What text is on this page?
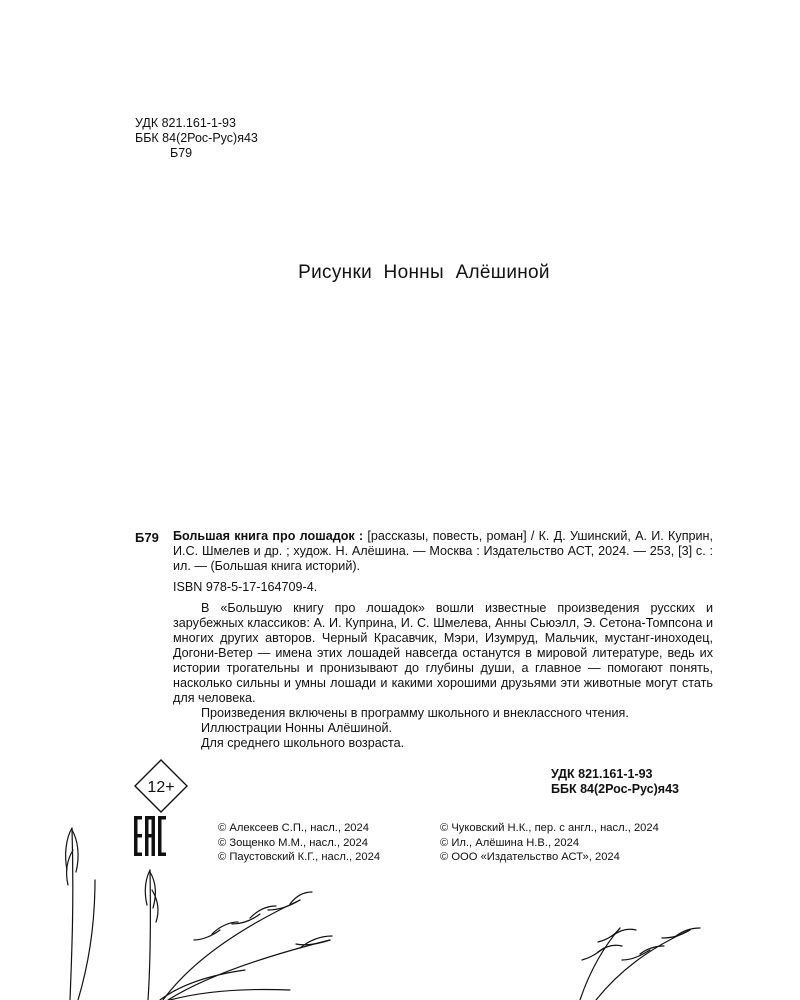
УДК 821.161-1-93
ББК 84(2Рос-Рус)я43
Б79
Рисунки Нонны Алёшиной
Б79 Большая книга про лошадок : [рассказы, повесть, роман] / К. Д. Ушинский, А. И. Куприн, И.С. Шмелев и др. ; худож. Н. Алёшина. — Москва : Издательство АСТ, 2024. — 253, [3] с. : ил. — (Большая книга историй).

ISBN 978-5-17-164709-4.

В «Большую книгу про лошадок» вошли известные произведения русских и зарубежных классиков: А. И. Куприна, И. С. Шмелева, Анны Сьюэлл, Э. Сетона-Томпсона и многих других авторов. Черный Красавчик, Мэри, Изумруд, Мальчик, мустанг-иноходец, Догони-Ветер — имена этих лошадей навсегда останутся в мировой литературе, ведь их истории трогательны и пронизывают до глубины души, а главное — помогают понять, насколько сильны и умны лошади и какими хорошими друзьями эти животные могут стать для человека.

Произведения включены в программу школьного и внеклассного чтения.

Иллюстрации Нонны Алёшиной.

Для среднего школьного возраста.

12+
УДК 821.161-1-93
ББК 84(2Рос-Рус)я43
© Алексеев С.П., насл., 2024
© Зощенко М.М., насл., 2024
© Паустовский К.Г., насл., 2024
© Чуковский Н.К., пер. с англ., насл., 2024
© Ил., Алёшина Н.В., 2024
© ООО «Издательство АСТ», 2024
